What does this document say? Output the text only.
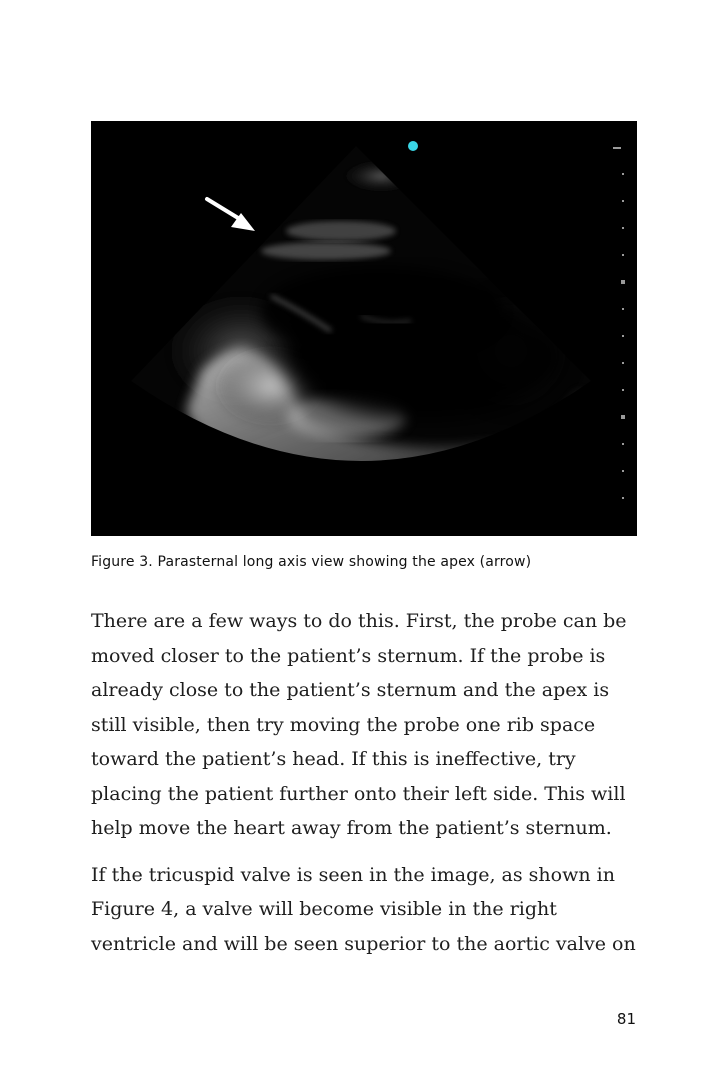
Figure 3. Parasternal long axis view showing the apex (arrow)

There are a few ways to do this. First, the probe can be
moved closer to the patient’s sternum. If the probe is
already close to the patient’s sternum and the apex is
still visible, then try moving the probe one rib space
toward the patient’s head. If this is ineffective, try
placing the patient further onto their left side. This will
help move the heart away from the patient’s sternum.

If the tricuspid valve is seen in the image, as shown in
Figure 4, a valve will become visible in the right
ventricle and will be seen superior to the aortic valve on

81
